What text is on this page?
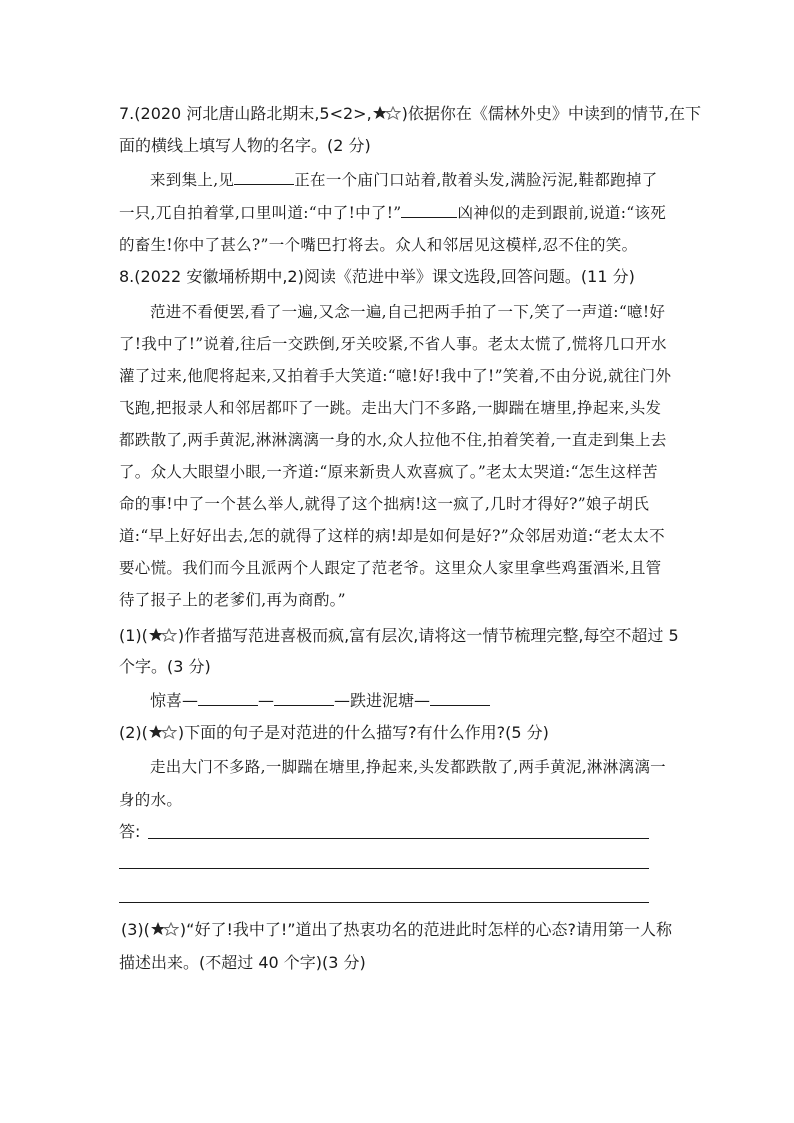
7.(2020 河北唐山路北期末,5<2>, )依据你在《儒林外史》中读到的情节,在下
面的横线上填写人物的名字。(2 分)
来到集上,见	正在一个庙门口站着,散着头发,满脸污泥,鞋都跑掉了
一只,兀自拍着掌,口里叫道:“中了!中了!”	凶神似的走到跟前,说道:“该死
的畜生!你中了甚么?”一个嘴巴打将去。众人和邻居见这模样,忍不住的笑。
8.(2022 安徽埇桥期中,2)阅读《范进中举》课文选段,回答问题。(11 分)
范进不看便罢,看了一遍,又念一遍,自己把两手拍了一下,笑了一声道:“噫!好
了!我中了!”说着,往后一交跌倒,牙关咬紧,不省人事。老太太慌了,慌将几口开水
灌了过来,他爬将起来,又拍着手大笑道:“噫!好!我中了!”笑着,不由分说,就往门外
飞跑,把报录人和邻居都吓了一跳。走出大门不多路,一脚踹在塘里,挣起来,头发
都跌散了,两手黄泥,淋淋漓漓一身的水,众人拉他不住,拍着笑着,一直走到集上去
了。众人大眼望小眼,一齐道:“原来新贵人欢喜疯了。”老太太哭道:“怎生这样苦
命的事!中了一个甚么举人,就得了这个拙病!这一疯了,几时才得好?”娘子胡氏
道:“早上好好出去,怎的就得了这样的病!却是如何是好?”众邻居劝道:“老太太不
要心慌。我们而今且派两个人跟定了范老爷。这里众人家里拿些鸡蛋酒米,且管
待了报子上的老爹们,再为商酌。”
(1)( )作者描写范进喜极而疯,富有层次,请将这一情节梳理完整,每空不超过 5
个字。(3 分)
惊喜—	—	—跌进泥塘—
(2)( )下面的句子是对范进的什么描写?有什么作用?(5 分)
走出大门不多路,一脚踹在塘里,挣起来,头发都跌散了,两手黄泥,淋淋漓漓一
身的水。
答:
(3)( )“好了!我中了!”道出了热衷功名的范进此时怎样的心态?请用第一人称
描述出来。(不超过 40 个字)(3 分)
